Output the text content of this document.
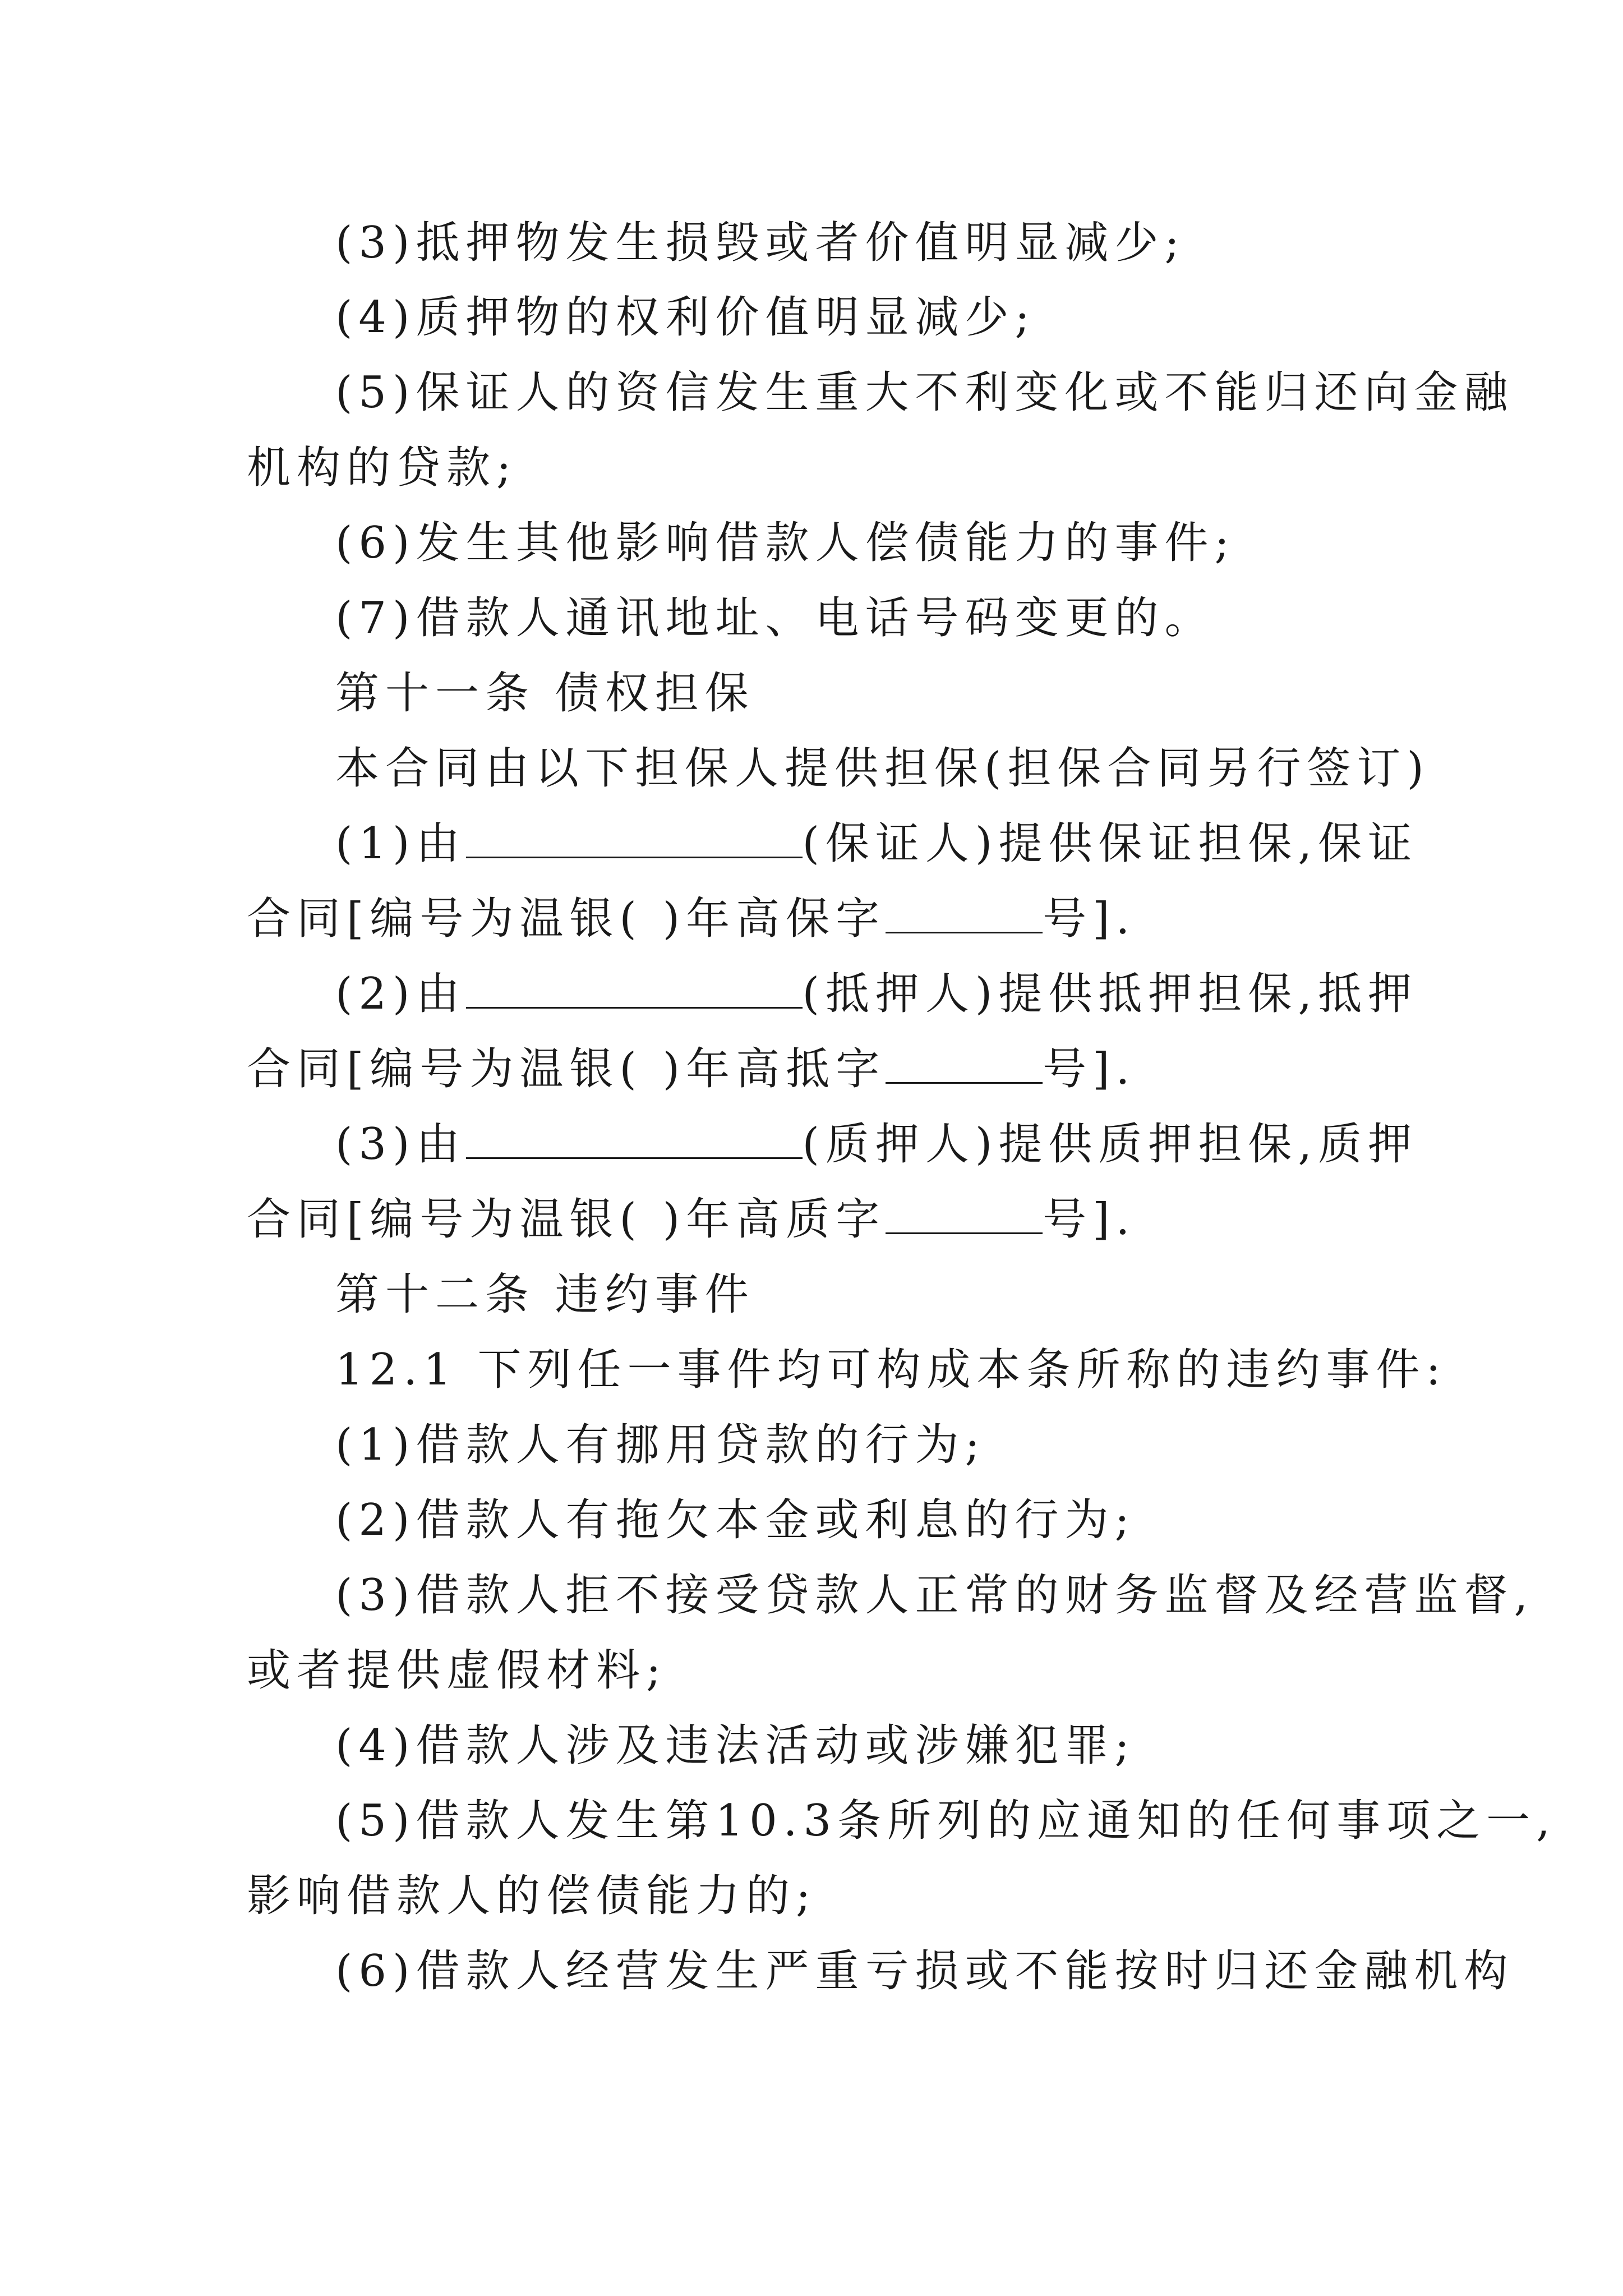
(3)抵押物发生损毁或者价值明显减少;
(4)质押物的权利价值明显减少;
(5)保证人的资信发生重大不利变化或不能归还向金融
机构的贷款;
(6)发生其他影响借款人偿债能力的事件;
(7)借款人通讯地址、电话号码变更的。
第十一条 债权担保
本合同由以下担保人提供担保(担保合同另行签订)
(1)由	(保证人)提供保证担保,保证
合同[编号为温银( )年高保字	号].
(2)由	(抵押人)提供抵押担保,抵押
合同[编号为温银( )年高抵字	号].
(3)由	(质押人)提供质押担保,质押
合同[编号为温银( )年高质字	号].
第十二条 违约事件
12.1 下列任一事件均可构成本条所称的违约事件:
(1)借款人有挪用贷款的行为;
(2)借款人有拖欠本金或利息的行为;
(3)借款人拒不接受贷款人正常的财务监督及经营监督,
或者提供虚假材料;
(4)借款人涉及违法活动或涉嫌犯罪;
(5)借款人发生第10.3条所列的应通知的任何事项之一,
影响借款人的偿债能力的;
(6)借款人经营发生严重亏损或不能按时归还金融机构
